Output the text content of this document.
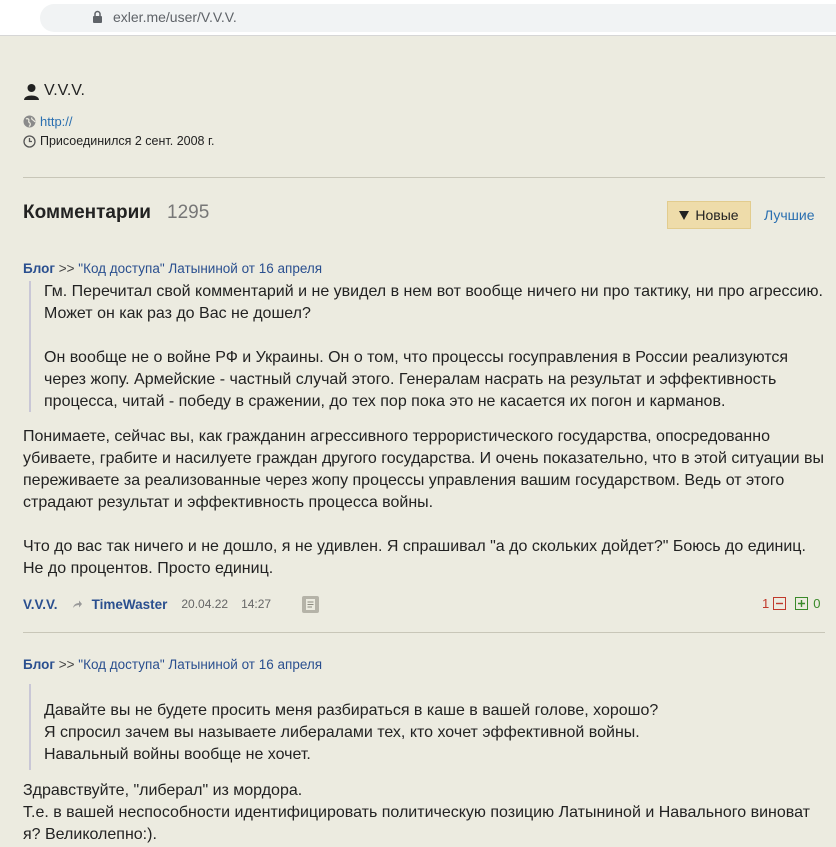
exler.me/user/V.V.V.
V.V.V.
http://
Присоединился 2 сент. 2008 г.
Комментарии 1295	Новые Лучшие
Блог >> "Код доступа" Латыниной от 16 апреля

Гм. Перечитал свой комментарий и не увидел в нем вот вообще ничего ни про тактику, ни про агрессию. Может он как раз до Вас не дошел?

Он вообще не о войне РФ и Украины. Он о том, что процессы госуправления в России реализуются через жопу. Армейские - частный случай этого. Генералам насрать на результат и эффективность процесса, читай - победу в сражении, до тех пор пока это не касается их погон и карманов.

Понимаете, сейчас вы, как гражданин агрессивного террористического государства, опосредованно убиваете, грабите и насилуете граждан другого государства. И очень показательно, что в этой ситуации вы переживаете за реализованные через жопу процессы управления вашим государством. Ведь от этого страдают результат и эффективность процесса войны.

Что до вас так ничего и не дошло, я не удивлен. Я спрашивал "а до скольких дойдет?" Боюсь до единиц. Не до процентов. Просто единиц.

V.V.V.	TimeWaster 20.04.22 14:27	1	0
Блог >> "Код доступа" Латыниной от 16 апреля
Давайте вы не будете просить меня разбираться в каше в вашей голове, хорошо?
Я спросил зачем вы называете либералами тех, кто хочет эффективной войны.
Навальный войны вообще не хочет.
Здравствуйте, "либерал" из мордора.
Т.е. в вашей неспособности идентифицировать политическую позицию Латыниной и Навального виноват я? Великолепно:).
